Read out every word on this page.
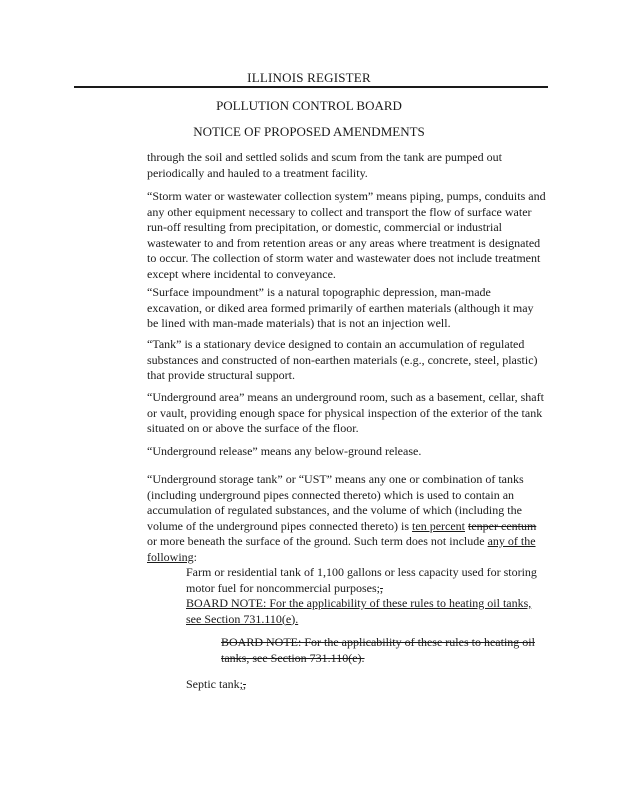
ILLINOIS REGISTER
POLLUTION CONTROL BOARD
NOTICE OF PROPOSED AMENDMENTS

through the soil and settled solids and scum from the tank are pumped out periodically and hauled to a treatment facility.

“Storm water or wastewater collection system” means piping, pumps, conduits and any other equipment necessary to collect and transport the flow of surface water run-off resulting from precipitation, or domestic, commercial or industrial wastewater to and from retention areas or any areas where treatment is designated to occur. The collection of storm water and wastewater does not include treatment except where incidental to conveyance.

“Surface impoundment” is a natural topographic depression, man-made excavation, or diked area formed primarily of earthen materials (although it may be lined with man-made materials) that is not an injection well.

“Tank” is a stationary device designed to contain an accumulation of regulated substances and constructed of non-earthen materials (e.g., concrete, steel, plastic) that provide structural support.

“Underground area” means an underground room, such as a basement, cellar, shaft or vault, providing enough space for physical inspection of the exterior of the tank situated on or above the surface of the floor.

“Underground release” means any below-ground release.

“Underground storage tank” or “UST” means any one or combination of tanks (including underground pipes connected thereto) which is used to contain an accumulation of regulated substances, and the volume of which (including the volume of the underground pipes connected thereto) is ten percent tenper centum or more beneath the surface of the ground. Such term does not include any of the following:

Farm or residential tank of 1,100 gallons or less capacity used for storing motor fuel for noncommercial purposes;,
BOARD NOTE: For the applicability of these rules to heating oil tanks, see Section 731.110(e).
BOARD NOTE: For the applicability of these rules to heating oil tanks, see Section 731.110(e).
Septic tank;,
